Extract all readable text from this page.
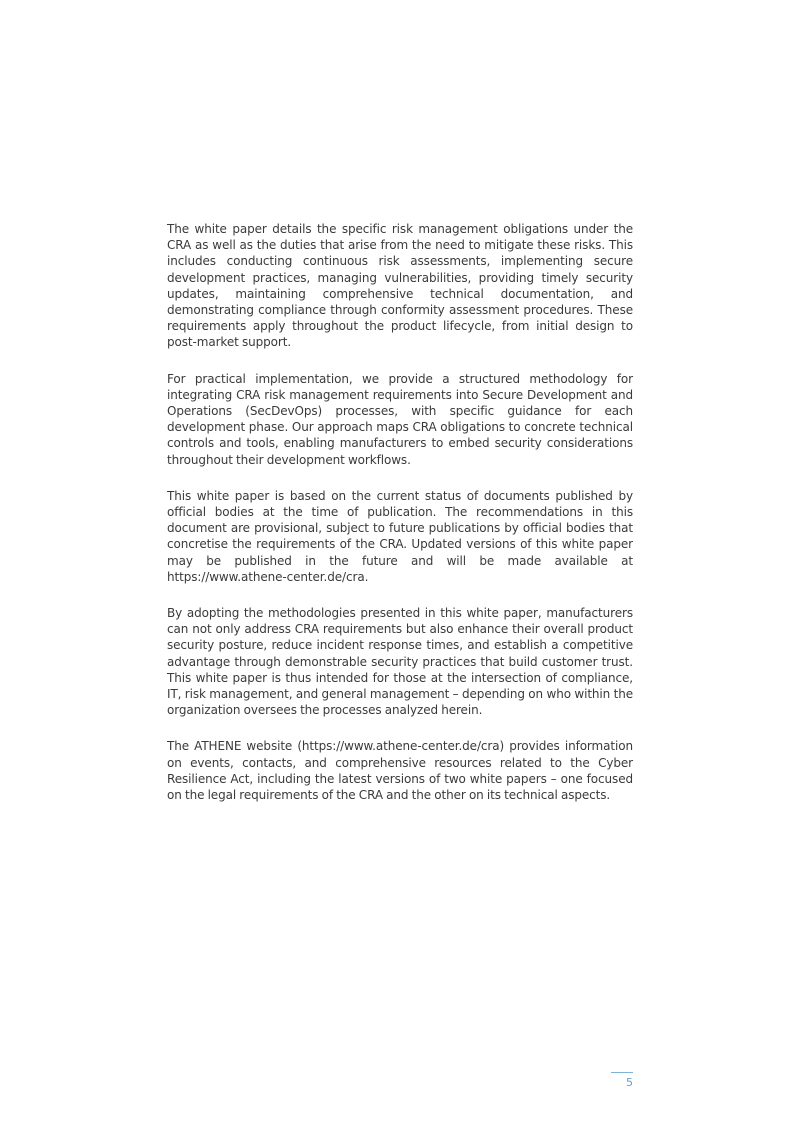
The white paper details the specific risk management obligations under the CRA as well as the duties that arise from the need to mitigate these risks. This includes conducting continuous risk assessments, implementing secure development practices, managing vulnerabilities, providing timely security updates, maintaining comprehensive technical documentation, and demonstrating compliance through conformity assessment procedures. These requirements apply throughout the product lifecycle, from initial design to post-market support.

For practical implementation, we provide a structured methodology for integrating CRA risk management requirements into Secure Development and Operations (SecDevOps) processes, with specific guidance for each development phase. Our approach maps CRA obligations to concrete technical controls and tools, enabling manufacturers to embed security considerations throughout their development workflows.

This white paper is based on the current status of documents published by official bodies at the time of publication. The recommendations in this document are provisional, subject to future publications by official bodies that concretise the requirements of the CRA. Updated versions of this white paper may be published in the future and will be made available at https://www.athene-center.de/cra.

By adopting the methodologies presented in this white paper, manufacturers can not only address CRA requirements but also enhance their overall product security posture, reduce incident response times, and establish a competitive advantage through demonstrable security practices that build customer trust. This white paper is thus intended for those at the intersection of compliance, IT, risk management, and general management – depending on who within the organization oversees the processes analyzed herein.

The ATHENE website (https://www.athene-center.de/cra) provides information on events, contacts, and comprehensive resources related to the Cyber Resilience Act, including the latest versions of two white papers – one focused on the legal requirements of the CRA and the other on its technical aspects.

5
